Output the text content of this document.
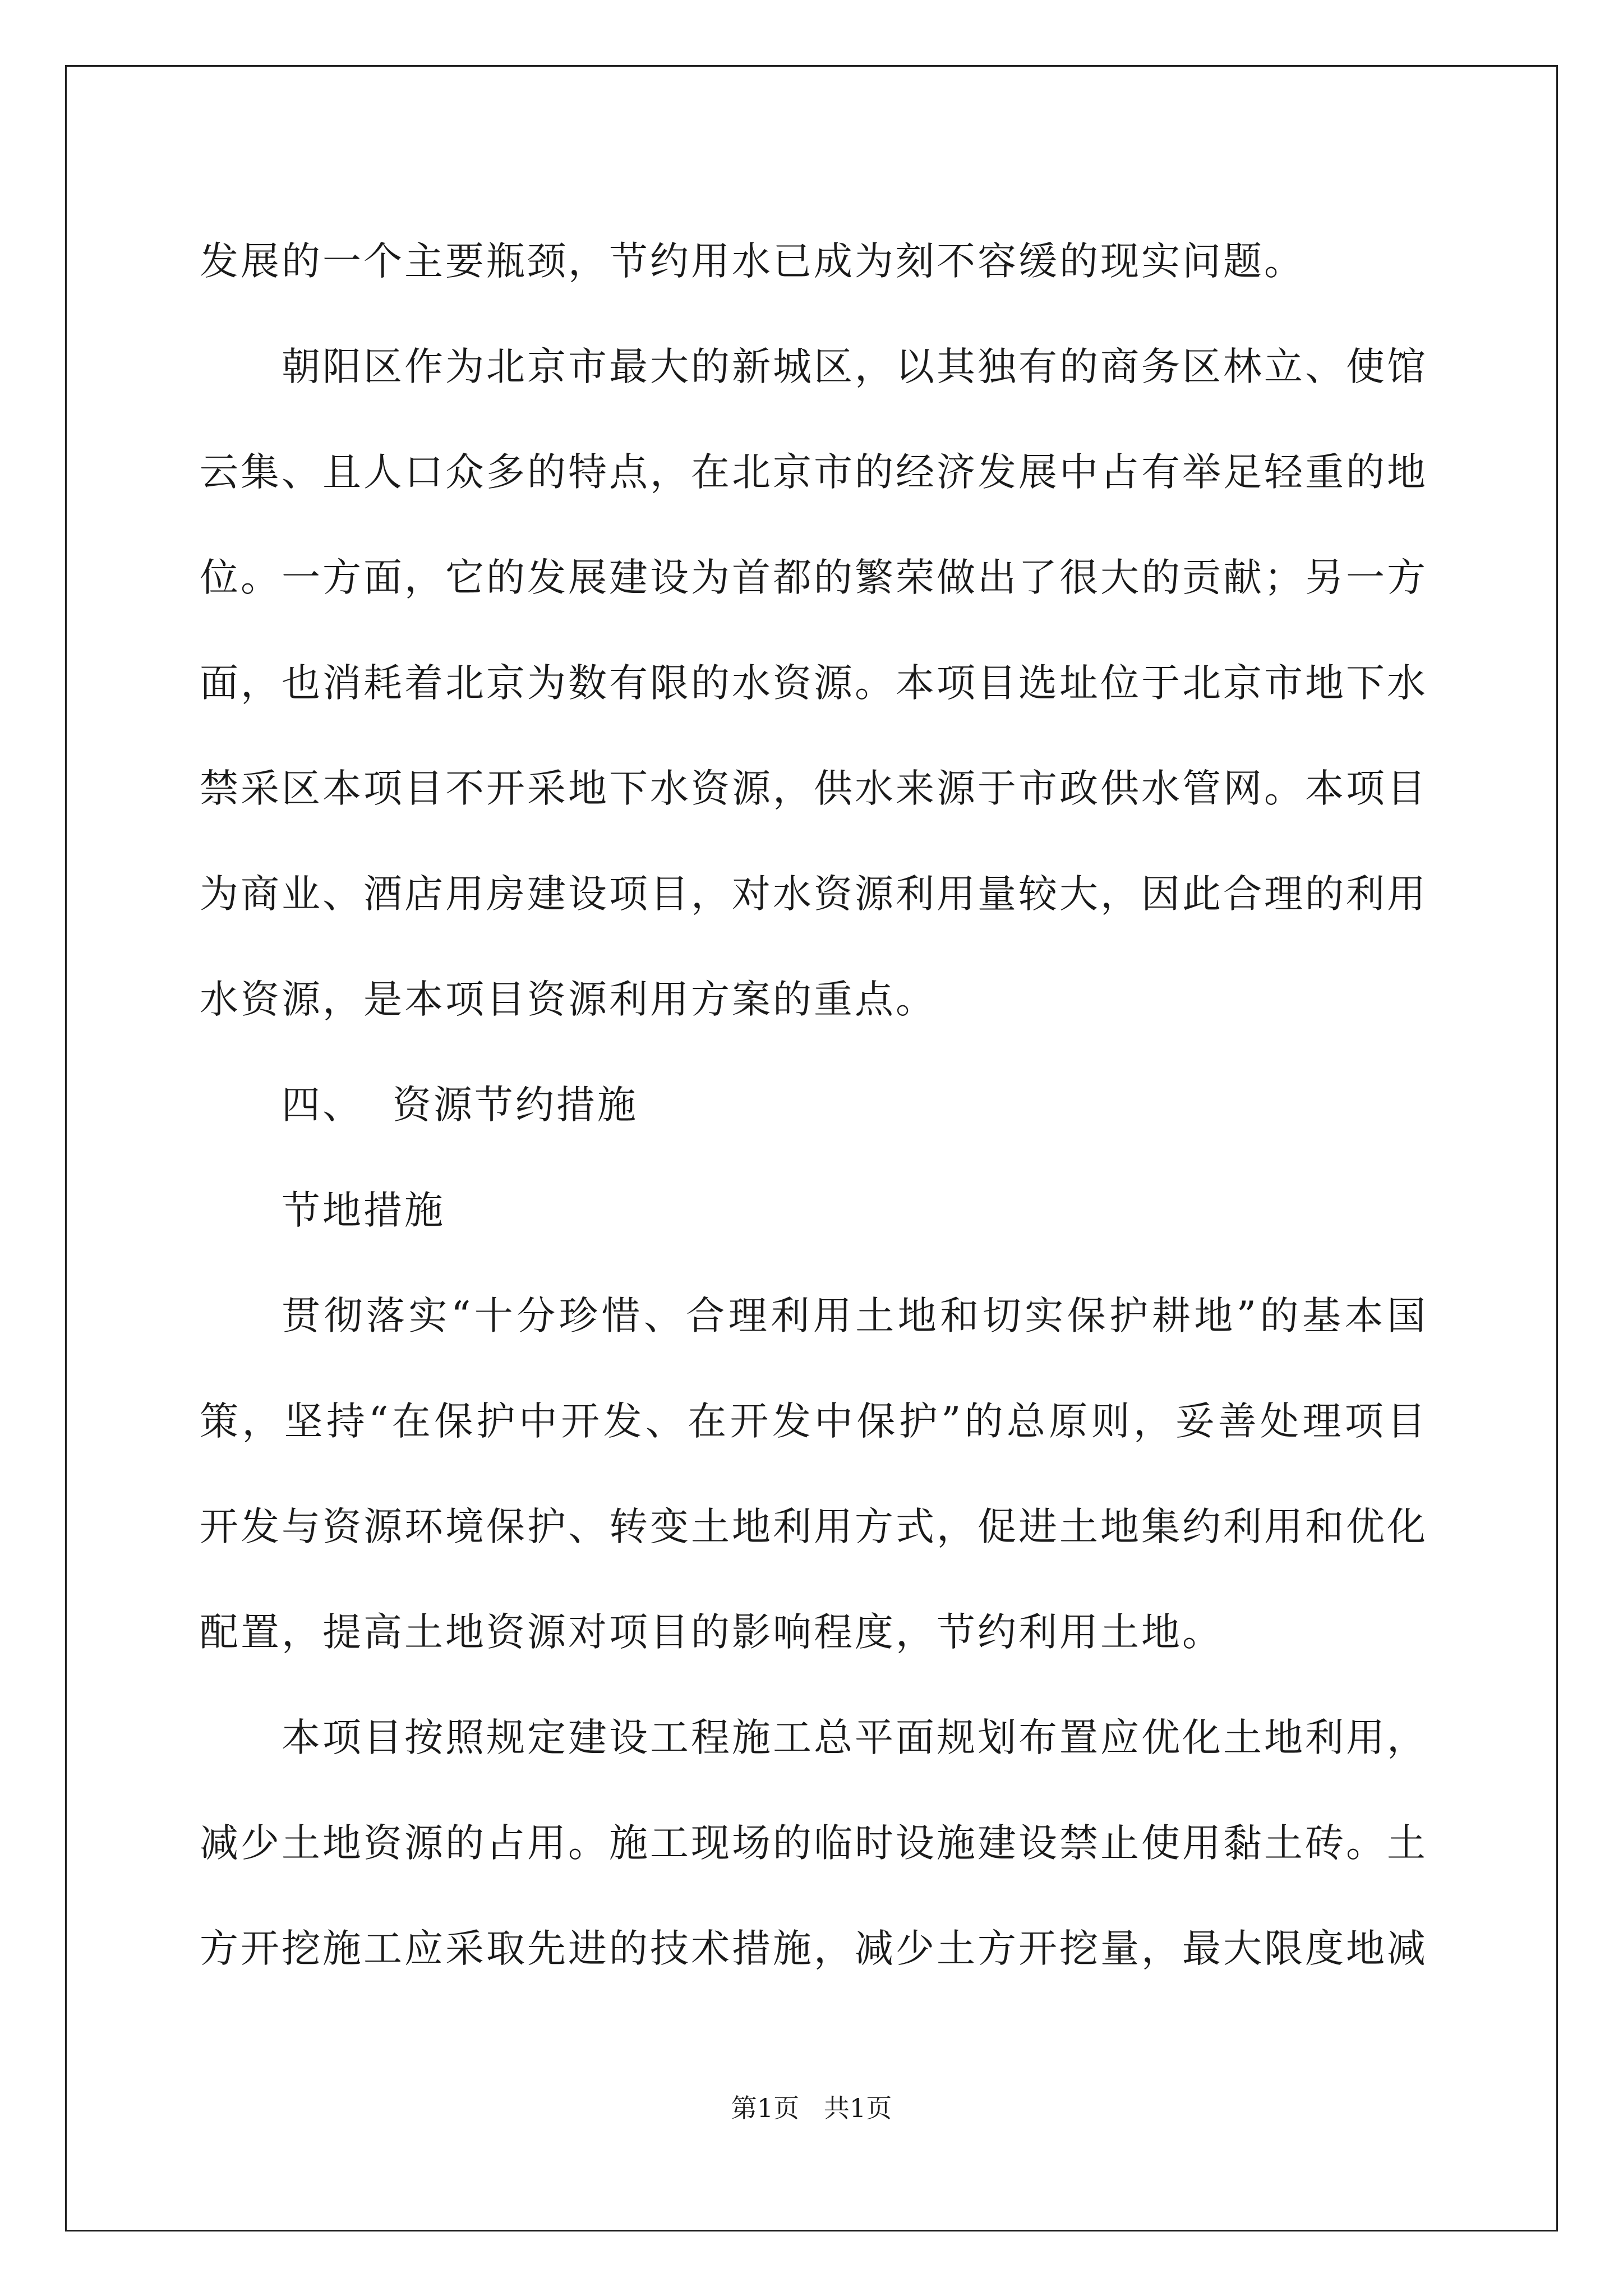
发展的一个主要瓶颈，节约用水已成为刻不容缓的现实问题。

朝阳区作为北京市最大的新城区，以其独有的商务区林立、使馆云集、且人口众多的特点，在北京市的经济发展中占有举足轻重的地位。一方面，它的发展建设为首都的繁荣做出了很大的贡献；另一方面，也消耗着北京为数有限的水资源。本项目选址位于北京市地下水禁采区本项目不开采地下水资源，供水来源于市政供水管网。本项目为商业、酒店用房建设项目，对水资源利用量较大，因此合理的利用水资源，是本项目资源利用方案的重点。

四、  资源节约措施

节地措施

贯彻落实“十分珍惜、合理利用土地和切实保护耕地”的基本国策，坚持“在保护中开发、在开发中保护”的总原则，妥善处理项目开发与资源环境保护、转变土地利用方式，促进土地集约利用和优化配置，提高土地资源对项目的影响程度，节约利用土地。

本项目按照规定建设工程施工总平面规划布置应优化土地利用，减少土地资源的占用。施工现场的临时设施建设禁止使用黏土砖。土方开挖施工应采取先进的技术措施，减少土方开挖量，最大限度地减

第1页   共1页
